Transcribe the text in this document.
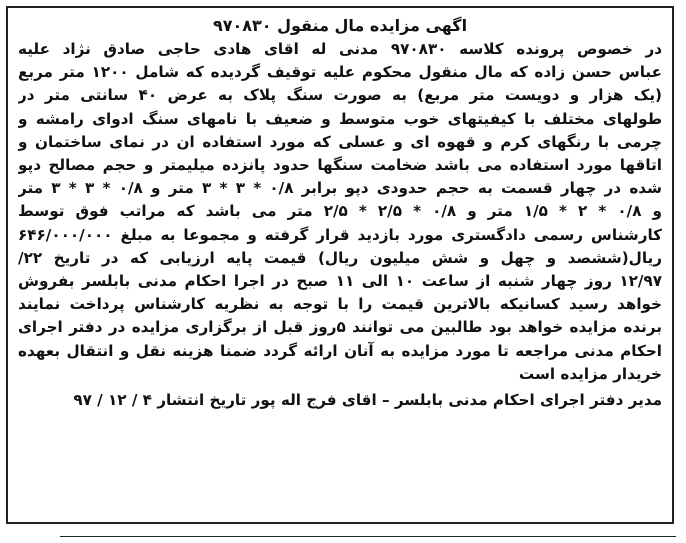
اگهی مزایده مال منقول ۹۷۰۸۳۰

در خصوص پرونده کلاسه ۹۷۰۸۳۰ مدنی له اقای هادی حاجی صادق نژاد علیه

عباس حسن زاده که مال منقول محکوم علیه توقیف گردیده که شامل ۱۲۰۰ متر مربع

(یک هزار و دویست متر مربع) به صورت سنگ پلاک به عرض ۴۰ سانتی متر در

طولهای مختلف با کیفیتهای خوب متوسط و ضعیف با نامهای سنگ ادوای رامشه و

چرمی با رنگهای کرم و قهوه ای و عسلی که مورد استفاده ان در نمای ساختمان و

اتاقها مورد استفاده می باشد ضخامت سنگها حدود پانزده میلیمتر و حجم مصالح دپو

شده در چهار قسمت به حجم حدودی دپو برابر ۰/۸ * ۳ * ۳ متر و ۰/۸ * ۳ * ۳ متر

و ۰/۸ * ۲ * ۱/۵ متر و ۰/۸ * ۲/۵ * ۲/۵ متر می باشد که مراتب فوق توسط

کارشناس رسمی دادگستری مورد بازدید قرار گرفته و مجموعا به مبلغ ۶۴۶/۰۰۰/۰۰۰

ریال(ششصد و چهل و شش میلیون ریال) قیمت پایه ارزیابی که در تاریخ ۲۲/

۱۲/۹۷ روز چهار شنبه از ساعت ۱۰ الی ۱۱ صبح در اجرا احکام مدنی بابلسر بفروش

خواهد رسید کسانیکه بالاترین قیمت را با توجه به نظریه کارشناس پرداخت نمایند

برنده مزایده خواهد بود طالبین می توانند ۵روز قبل از برگزاری مزایده در دفتر اجرای

احکام مدنی مراجعه تا مورد مزایده به آنان ارائه گردد ضمنا هزینه نقل و انتقال بعهده

خریدار مزایده است

مدیر دفتر اجرای احکام مدنی بابلسر – اقای فرج اله پور تاریخ انتشار ۴ / ۱۲ / ۹۷
